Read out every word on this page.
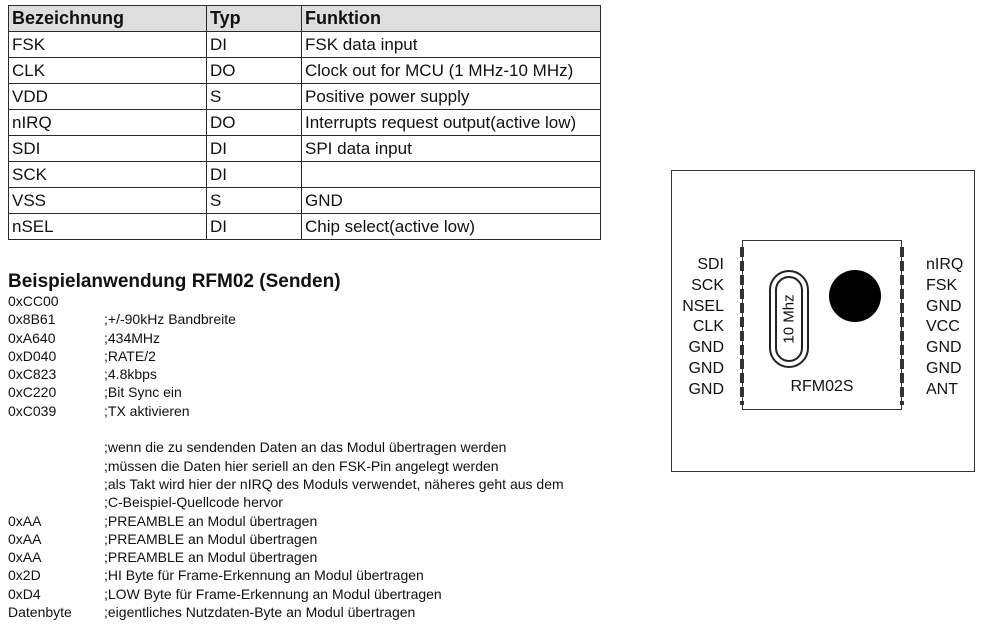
Bezeichnung	Typ	Funktion
FSK	DI	FSK data input
CLK	DO	Clock out for MCU (1 MHz-10 MHz)
VDD	S	Positive power supply
nIRQ	DO	Interrupts request output(active low)
SDI	DI	SPI data input
SCK	DI	
VSS	S	GND
nSEL	DI	Chip select(active low)
Beispielanwendung RFM02 (Senden)
0xCC00
0x8B61	;+/-90kHz Bandbreite
0xA640	;434MHz
0xD040	;RATE/2
0xC823	;4.8kbps
0xC220	;Bit Sync ein
0xC039	;TX aktivieren
;wenn die zu sendenden Daten an das Modul übertragen werden
;müssen die Daten hier seriell an den FSK-Pin angelegt werden
;als Takt wird hier der nIRQ des Moduls verwendet, näheres geht aus dem
;C-Beispiel-Quellcode hervor
0xAA	;PREAMBLE an Modul übertragen
0xAA	;PREAMBLE an Modul übertragen
0xAA	;PREAMBLE an Modul übertragen
0x2D	;HI Byte für Frame-Erkennung an Modul übertragen
0xD4	;LOW Byte für Frame-Erkennung an Modul übertragen
Datenbyte ;eigentliches Nutzdaten-Byte an Modul übertragen
SDI
SCK
NSEL
CLK
GND
GND
GND
10 Mhz
RFM02S
nIRQ
FSK
GND
VCC
GND
GND
ANT
